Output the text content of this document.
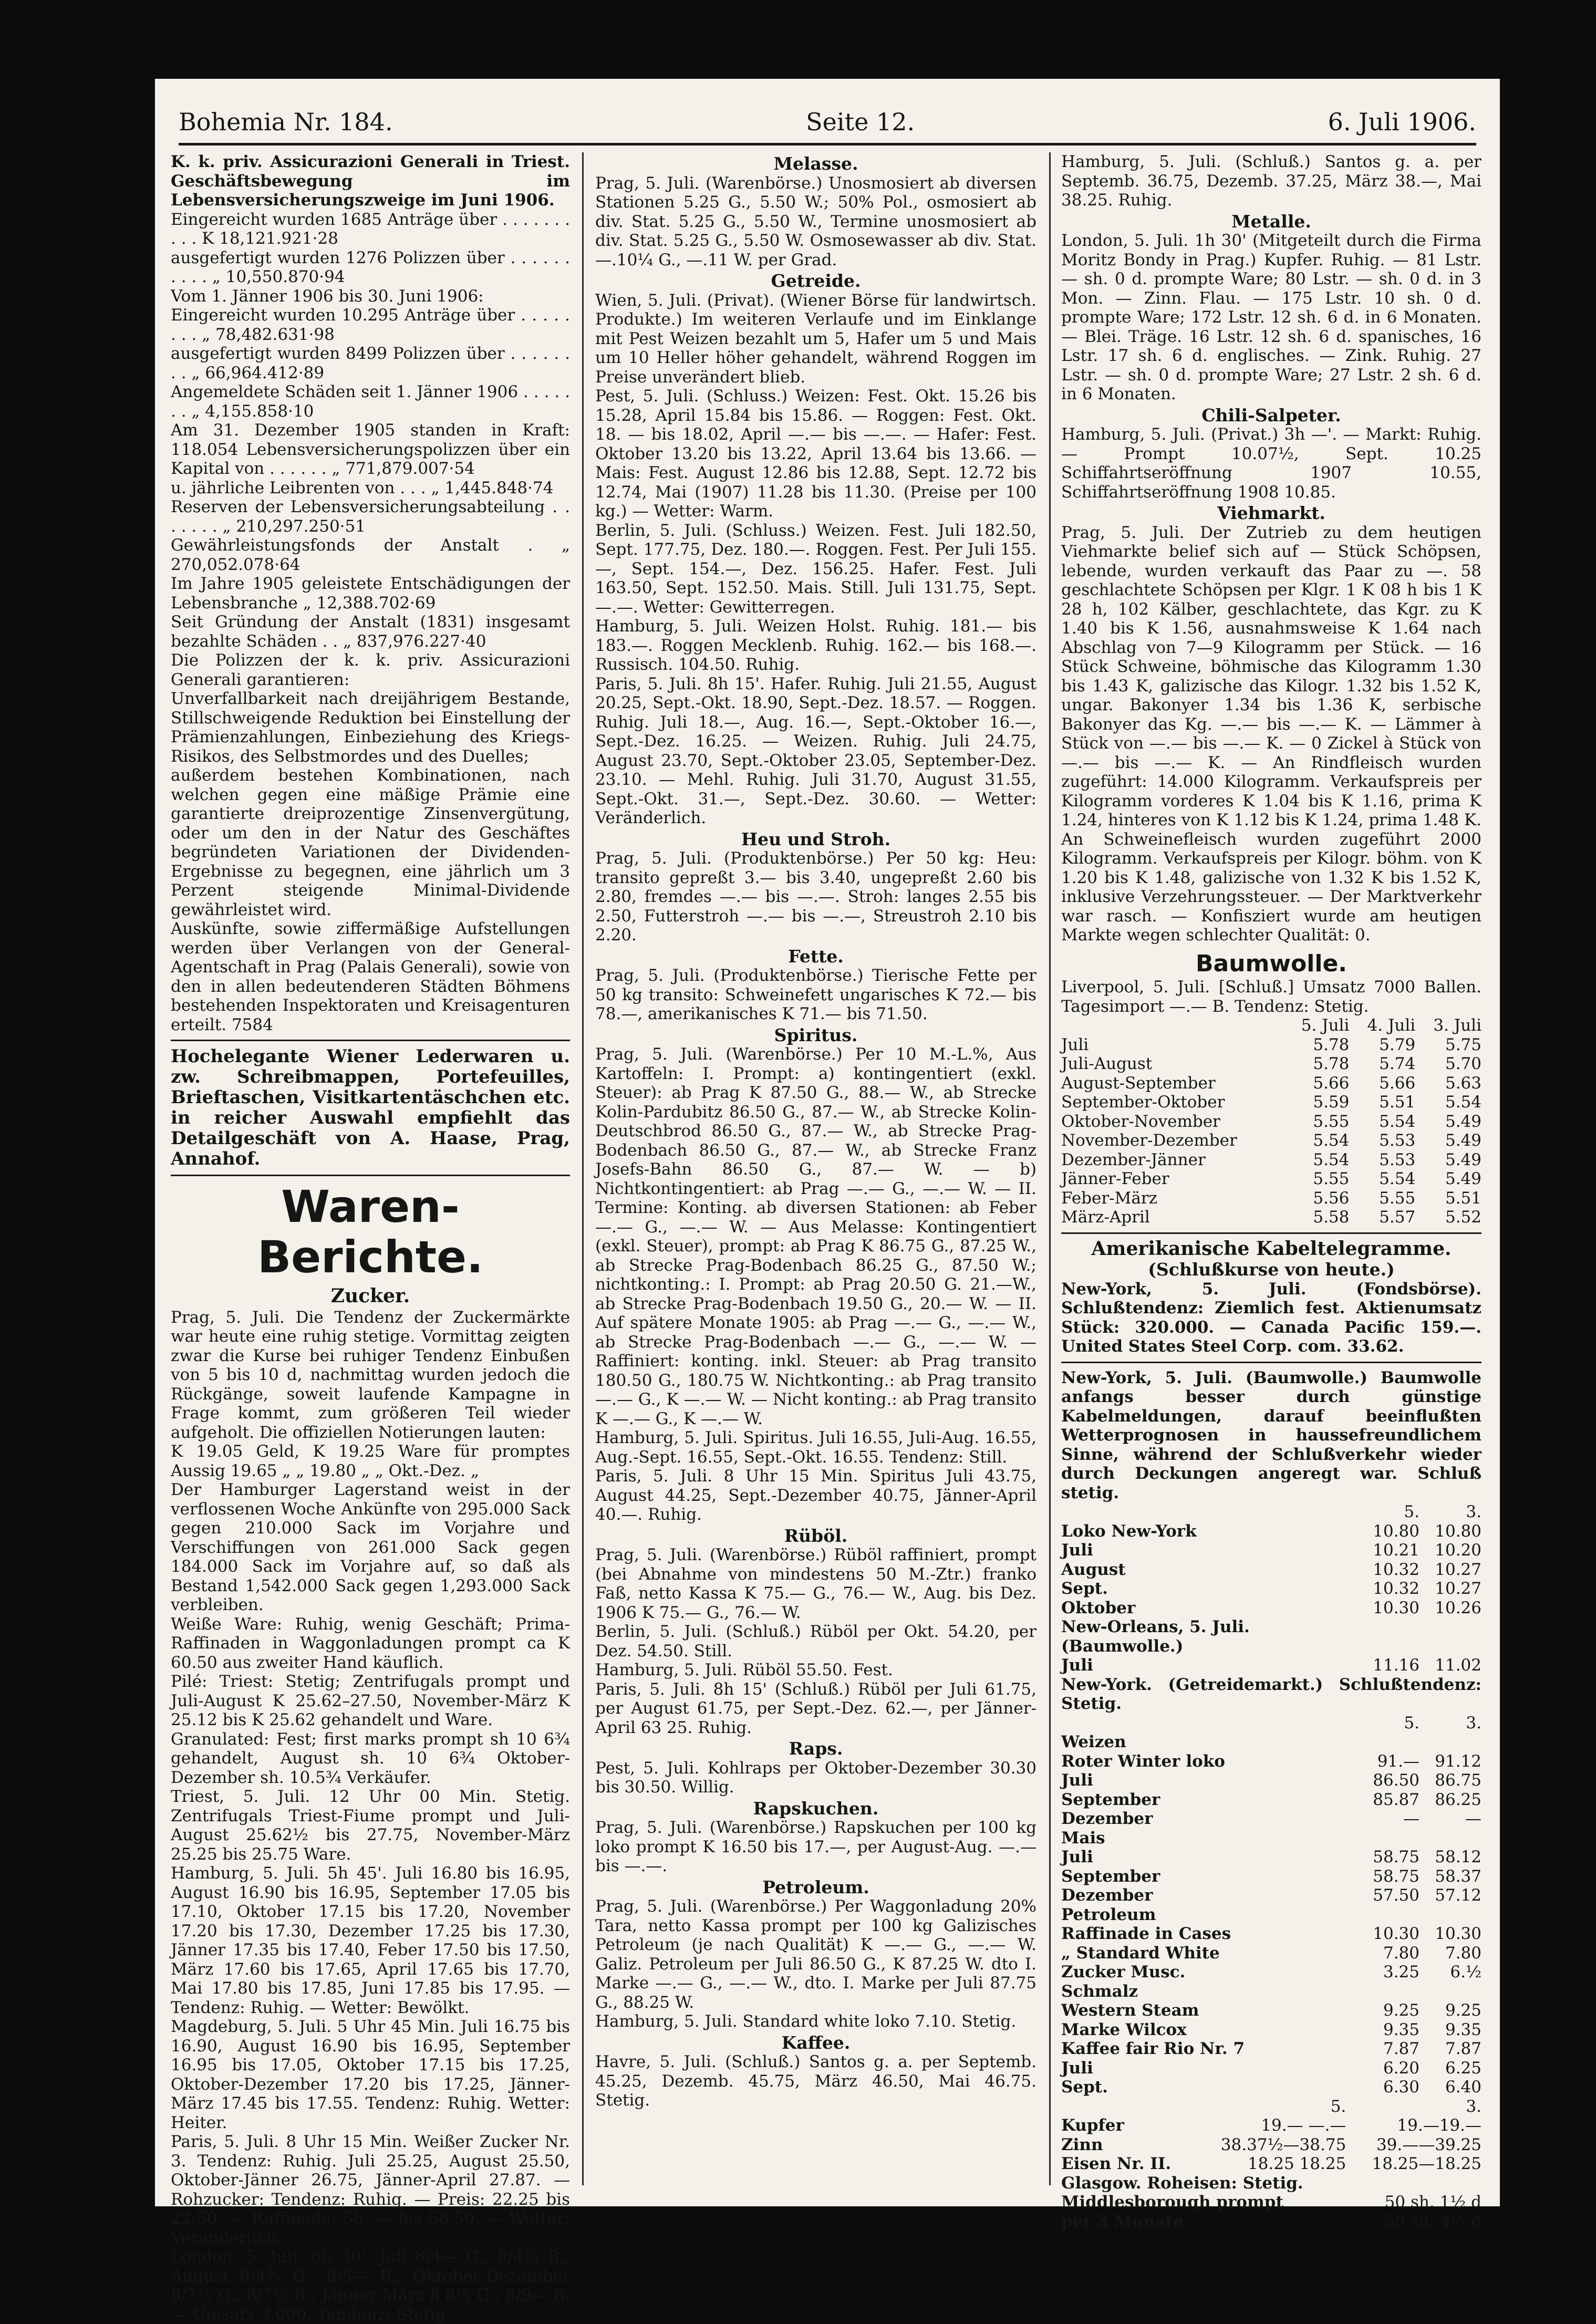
Bohemia Nr. 184.	Seite 12.	6. Juli 1906.

K. k. priv. Assicurazioni Generali in Triest. Geschäftsbewegung im Lebensversicherungszweige im Juni 1906.

Eingereicht wurden 1685 Anträge über . . . . . . . . . . K 18,121.921·28

ausgefertigt wurden 1276 Polizzen über . . . . . . . . . . „ 10,550.870·94

Vom 1. Jänner 1906 bis 30. Juni 1906:

Eingereicht wurden 10.295 Anträge über . . . . . . . . „ 78,482.631·98

ausgefertigt wurden 8499 Polizzen über . . . . . . . . „ 66,964.412·89

Angemeldete Schäden seit 1. Jänner 1906 . . . . . . . „ 4,155.858·10

Am 31. Dezember 1905 standen in Kraft: 118.054 Lebensversicherungspolizzen über ein Kapital von . . . . . . „ 771,879.007·54

u. jährliche Leibrenten von . . . „ 1,445.848·74

Reserven der Lebensversicherungsabteilung . . . . . . . „ 210,297.250·51

Gewährleistungsfonds der Anstalt . „ 270,052.078·64

Im Jahre 1905 geleistete Entschädigungen der Lebensbranche „ 12,388.702·69

Seit Gründung der Anstalt (1831) insgesamt bezahlte Schäden . . „ 837,976.227·40

Die Polizzen der k. k. priv. Assicurazioni Generali garantieren:

Unverfallbarkeit nach dreijährigem Bestande, Stillschweigende Reduktion bei Einstellung der Prämienzahlungen, Einbeziehung des Kriegs-Risikos, des Selbstmordes und des Duelles;

außerdem bestehen Kombinationen, nach welchen gegen eine mäßige Prämie eine garantierte dreiprozentige Zinsenvergütung, oder um den in der Natur des Geschäftes begründeten Variationen der Dividenden-Ergebnisse zu begegnen, eine jährlich um 3 Perzent steigende Minimal-Dividende gewährleistet wird.

Auskünfte, sowie ziffermäßige Aufstellungen werden über Verlangen von der General-Agentschaft in Prag (Palais Generali), sowie von den in allen bedeutenderen Städten Böhmens bestehenden Inspektoraten und Kreisagenturen erteilt. 7584

Hochelegante Wiener Lederwaren u. zw. Schreibmappen, Portefeuilles, Brieftaschen, Visitkartentäschchen etc. in reicher Auswahl empfiehlt das Detailgeschäft von A. Haase, Prag, Annahof.

Waren-Berichte.
Zucker.

Prag, 5. Juli. Die Tendenz der Zuckermärkte war heute eine ruhig stetige. Vormittag zeigten zwar die Kurse bei ruhiger Tendenz Einbußen von 5 bis 10 d, nachmittag wurden jedoch die Rückgänge, soweit laufende Kampagne in Frage kommt, zum größeren Teil wieder aufgeholt. Die offiziellen Notierungen lauten:

K 19.05 Geld, K 19.25 Ware für promptes Aussig 19.65 „ „ 19.80 „ „ Okt.-Dez. „

Der Hamburger Lagerstand weist in der verflossenen Woche Ankünfte von 295.000 Sack gegen 210.000 Sack im Vorjahre und Verschiffungen von 261.000 Sack gegen 184.000 Sack im Vorjahre auf, so daß als Bestand 1,542.000 Sack gegen 1,293.000 Sack verbleiben.

Weiße Ware: Ruhig, wenig Geschäft; Prima-Raffinaden in Waggonladungen prompt ca K 60.50 aus zweiter Hand käuflich.

Pilé: Triest: Stetig; Zentrifugals prompt und Juli-August K 25.62–27.50, November-März K 25.12 bis K 25.62 gehandelt und Ware.

Granulated: Fest; first marks prompt sh 10 6¾ gehandelt, August sh. 10 6¾ Oktober-Dezember sh. 10.5¾ Verkäufer.

Triest, 5. Juli. 12 Uhr 00 Min. Stetig. Zentrifugals Triest-Fiume prompt und Juli-August 25.62½ bis 27.75, November-März 25.25 bis 25.75 Ware.

Hamburg, 5. Juli. 5h 45'. Juli 16.80 bis 16.95, August 16.90 bis 16.95, September 17.05 bis 17.10, Oktober 17.15 bis 17.20, November 17.20 bis 17.30, Dezember 17.25 bis 17.30, Jänner 17.35 bis 17.40, Feber 17.50 bis 17.50, März 17.60 bis 17.65, April 17.65 bis 17.70, Mai 17.80 bis 17.85, Juni 17.85 bis 17.95. — Tendenz: Ruhig. — Wetter: Bewölkt.

Magdeburg, 5. Juli. 5 Uhr 45 Min. Juli 16.75 bis 16.90, August 16.90 bis 16.95, September 16.95 bis 17.05, Oktober 17.15 bis 17.25, Oktober-Dezember 17.20 bis 17.25, Jänner-März 17.45 bis 17.55. Tendenz: Ruhig. Wetter: Heiter.

Paris, 5. Juli. 8 Uhr 15 Min. Weißer Zucker Nr. 3. Tendenz: Ruhig. Juli 25.25, August 25.50, Oktober-Jänner 26.75, Jänner-April 27.87. — Rohzucker: Tendenz: Ruhig. — Preis: 22.25 bis 22.50. — Raffinade: 56. — bis 56.50. — Wetter: Veränderlich.

London, 5. Juli. 8h 30'. Juli 8/4— G., 8/4¾ B., August 8/4¾ G., 8/5— B., Oktober-Dezember 8/7½ G., 8/7½ B., Jänner-März 8 8½ G., 8/9— B. — Umsatz 3.000. Tendenz: Stetig.

Melasse.

Prag, 5. Juli. (Warenbörse.) Unosmosiert ab diversen Stationen 5.25 G., 5.50 W.; 50% Pol., osmosiert ab div. Stat. 5.25 G., 5.50 W., Termine unosmosiert ab div. Stat. 5.25 G., 5.50 W. Osmosewasser ab div. Stat. —.10¼ G., —.11 W. per Grad.

Getreide.

Wien, 5. Juli. (Privat). (Wiener Börse für landwirtsch. Produkte.) Im weiteren Verlaufe und im Einklange mit Pest Weizen bezahlt um 5, Hafer um 5 und Mais um 10 Heller höher gehandelt, während Roggen im Preise unverändert blieb.

Pest, 5. Juli. (Schluss.) Weizen: Fest. Okt. 15.26 bis 15.28, April 15.84 bis 15.86. — Roggen: Fest. Okt. 18. — bis 18.02, April —.— bis —.—. — Hafer: Fest. Oktober 13.20 bis 13.22, April 13.64 bis 13.66. — Mais: Fest. August 12.86 bis 12.88, Sept. 12.72 bis 12.74, Mai (1907) 11.28 bis 11.30. (Preise per 100 kg.) — Wetter: Warm.

Berlin, 5. Juli. (Schluss.) Weizen. Fest. Juli 182.50, Sept. 177.75, Dez. 180.—. Roggen. Fest. Per Juli 155.—, Sept. 154.—, Dez. 156.25. Hafer. Fest. Juli 163.50, Sept. 152.50. Mais. Still. Juli 131.75, Sept. —.—. Wetter: Gewitterregen.

Hamburg, 5. Juli. Weizen Holst. Ruhig. 181.— bis 183.—. Roggen Mecklenb. Ruhig. 162.— bis 168.—. Russisch. 104.50. Ruhig.

Paris, 5. Juli. 8h 15'. Hafer. Ruhig. Juli 21.55, August 20.25, Sept.-Okt. 18.90, Sept.-Dez. 18.57. — Roggen. Ruhig. Juli 18.—, Aug. 16.—, Sept.-Oktober 16.—, Sept.-Dez. 16.25. — Weizen. Ruhig. Juli 24.75, August 23.70, Sept.-Oktober 23.05, September-Dez. 23.10. — Mehl. Ruhig. Juli 31.70, August 31.55, Sept.-Okt. 31.—, Sept.-Dez. 30.60. — Wetter: Veränderlich.

Heu und Stroh.

Prag, 5. Juli. (Produktenbörse.) Per 50 kg: Heu: transito gepreßt 3.— bis 3.40, ungepreßt 2.60 bis 2.80, fremdes —.— bis —.—. Stroh: langes 2.55 bis 2.50, Futterstroh —.— bis —.—, Streustroh 2.10 bis 2.20.

Fette.

Prag, 5. Juli. (Produktenbörse.) Tierische Fette per 50 kg transito: Schweinefett ungarisches K 72.— bis 78.—, amerikanisches K 71.— bis 71.50.

Spiritus.

Prag, 5. Juli. (Warenbörse.) Per 10 M.-L.%, Aus Kartoffeln: I. Prompt: a) kontingentiert (exkl. Steuer): ab Prag K 87.50 G., 88.— W., ab Strecke Kolin-Pardubitz 86.50 G., 87.— W., ab Strecke Kolin-Deutschbrod 86.50 G., 87.— W., ab Strecke Prag-Bodenbach 86.50 G., 87.— W., ab Strecke Franz Josefs-Bahn 86.50 G., 87.— W. — b) Nichtkontingentiert: ab Prag —.— G., —.— W. — II. Termine: Konting. ab diversen Stationen: ab Feber —.— G., —.— W. — Aus Melasse: Kontingentiert (exkl. Steuer), prompt: ab Prag K 86.75 G., 87.25 W., ab Strecke Prag-Bodenbach 86.25 G., 87.50 W.; nichtkonting.: I. Prompt: ab Prag 20.50 G. 21.—W., ab Strecke Prag-Bodenbach 19.50 G., 20.— W. — II. Auf spätere Monate 1905: ab Prag —.— G., —.— W., ab Strecke Prag-Bodenbach —.— G., —.— W. — Raffiniert: konting. inkl. Steuer: ab Prag transito 180.50 G., 180.75 W. Nichtkonting.: ab Prag transito —.— G., K —.— W. — Nicht konting.: ab Prag transito K —.— G., K —.— W.

Hamburg, 5. Juli. Spiritus. Juli 16.55, Juli-Aug. 16.55, Aug.-Sept. 16.55, Sept.-Okt. 16.55. Tendenz: Still.

Paris, 5. Juli. 8 Uhr 15 Min. Spiritus Juli 43.75, August 44.25, Sept.-Dezember 40.75, Jänner-April 40.—. Ruhig.

Rüböl.

Prag, 5. Juli. (Warenbörse.) Rüböl raffiniert, prompt (bei Abnahme von mindestens 50 M.-Ztr.) franko Faß, netto Kassa K 75.— G., 76.— W., Aug. bis Dez. 1906 K 75.— G., 76.— W.

Berlin, 5. Juli. (Schluß.) Rüböl per Okt. 54.20, per Dez. 54.50. Still.

Hamburg, 5. Juli. Rüböl 55.50. Fest.

Paris, 5. Juli. 8h 15' (Schluß.) Rüböl per Juli 61.75, per August 61.75, per Sept.-Dez. 62.—, per Jänner-April 63 25. Ruhig.

Raps.

Pest, 5. Juli. Kohlraps per Oktober-Dezember 30.30 bis 30.50. Willig.

Rapskuchen.

Prag, 5. Juli. (Warenbörse.) Rapskuchen per 100 kg loko prompt K 16.50 bis 17.—, per August-Aug. —.— bis —.—.

Petroleum.

Prag, 5. Juli. (Warenbörse.) Per Waggonladung 20% Tara, netto Kassa prompt per 100 kg Galizisches Petroleum (je nach Qualität) K —.— G., —.— W. Galiz. Petroleum per Juli 86.50 G., K 87.25 W. dto I. Marke —.— G., —.— W., dto. I. Marke per Juli 87.75 G., 88.25 W.

Hamburg, 5. Juli. Standard white loko 7.10. Stetig.

Kaffee.

Havre, 5. Juli. (Schluß.) Santos g. a. per Septemb. 45.25, Dezemb. 45.75, März 46.50, Mai 46.75. Stetig.

Hamburg, 5. Juli. (Schluß.) Santos g. a. per Septemb. 36.75, Dezemb. 37.25, März 38.—, Mai 38.25. Ruhig.

Metalle.

London, 5. Juli. 1h 30' (Mitgeteilt durch die Firma Moritz Bondy in Prag.) Kupfer. Ruhig. — 81 Lstr. — sh. 0 d. prompte Ware; 80 Lstr. — sh. 0 d. in 3 Mon. — Zinn. Flau. — 175 Lstr. 10 sh. 0 d. prompte Ware; 172 Lstr. 12 sh. 6 d. in 6 Monaten. — Blei. Träge. 16 Lstr. 12 sh. 6 d. spanisches, 16 Lstr. 17 sh. 6 d. englisches. — Zink. Ruhig. 27 Lstr. — sh. 0 d. prompte Ware; 27 Lstr. 2 sh. 6 d. in 6 Monaten.

Chili-Salpeter.

Hamburg, 5. Juli. (Privat.) 3h —'. — Markt: Ruhig. — Prompt 10.07½, Sept. 10.25 Schiffahrtseröffnung 1907 10.55, Schiffahrtseröffnung 1908 10.85.

Viehmarkt.

Prag, 5. Juli. Der Zutrieb zu dem heutigen Viehmarkte belief sich auf — Stück Schöpsen, lebende, wurden verkauft das Paar zu —. 58 geschlachtete Schöpsen per Klgr. 1 K 08 h bis 1 K 28 h, 102 Kälber, geschlachtete, das Kgr. zu K 1.40 bis K 1.56, ausnahmsweise K 1.64 nach Abschlag von 7—9 Kilogramm per Stück. — 16 Stück Schweine, böhmische das Kilogramm 1.30 bis 1.43 K, galizische das Kilogr. 1.32 bis 1.52 K, ungar. Bakonyer 1.34 bis 1.36 K, serbische Bakonyer das Kg. —.— bis —.— K. — Lämmer à Stück von —.— bis —.— K. — 0 Zickel à Stück von —.— bis —.— K. — An Rindfleisch wurden zugeführt: 14.000 Kilogramm. Verkaufspreis per Kilogramm vorderes K 1.04 bis K 1.16, prima K 1.24, hinteres von K 1.12 bis K 1.24, prima 1.48 K. An Schweinefleisch wurden zugeführt 2000 Kilogramm. Verkaufspreis per Kilogr. böhm. von K 1.20 bis K 1.48, galizische von 1.32 K bis 1.52 K, inklusive Verzehrungssteuer. — Der Marktverkehr war rasch. — Konfisziert wurde am heutigen Markte wegen schlechter Qualität: 0.

Baumwolle.

Liverpool, 5. Juli. [Schluß.] Umsatz 7000 Ballen. Tagesimport —.— B. Tendenz: Stetig.

	5. Juli	4. Juli	3. Juli
Juli	5.78	5.79	5.75
Juli-August	5.78	5.74	5.70
August-September	5.66	5.66	5.63
September-Oktober	5.59	5.51	5.54
Oktober-November	5.55	5.54	5.49
November-Dezember	5.54	5.53	5.49
Dezember-Jänner	5.54	5.53	5.49
Jänner-Feber	5.55	5.54	5.49
Feber-März	5.56	5.55	5.51
März-April	5.58	5.57	5.52
Amerikanische Kabeltelegramme.
(Schlußkurse von heute.)

New-York, 5. Juli. (Fondsbörse). Schlußtendenz: Ziemlich fest. Aktienumsatz Stück: 320.000. — Canada Pacific 159.—. United States Steel Corp. com. 33.62.

New-York, 5. Juli. (Baumwolle.) Baumwolle anfangs besser durch günstige Kabelmeldungen, darauf beeinflußten Wetterprognosen in haussefreundlichem Sinne, während der Schlußverkehr wieder durch Deckungen angeregt war. Schluß stetig.

	5.	3.
Loko New-York	10.80	10.80
Juli	10.21	10.20
August	10.32	10.27
Sept.	10.32	10.27
Oktober	10.30	10.26
New-Orleans, 5. Juli. (Baumwolle.)		
Juli	11.16	11.02

New-York. (Getreidemarkt.) Schlußtendenz: Stetig.

	5.	3.
Weizen		
Roter Winter loko	91.—	91.12
Juli	86.50	86.75
September	85.87	86.25
Dezember	—	—
Mais		
Juli	58.75	58.12
September	58.75	58.37
Dezember	57.50	57.12
Petroleum		
Raffinade in Cases	10.30	10.30
„ Standard White	7.80	7.80
Zucker Musc.	3.25	6.½
Schmalz		
Western Steam	9.25	9.25
Marke Wilcox	9.35	9.35
Kaffee fair Rio Nr. 7	7.87	7.87
Juli	6.20	6.25
Sept.	6.30	6.40
	5.	3.
Kupfer	19.— —.—	19.—19.—
Zinn	38.37½—38.75	39.——39.25
Eisen Nr. II.	18.25 18.25	18.25—18.25

Glasgow. Roheisen: Stetig.

Middlesborough prompt	50 sh. 1½ d
per 3 Monate	50 sh. 4½ d
